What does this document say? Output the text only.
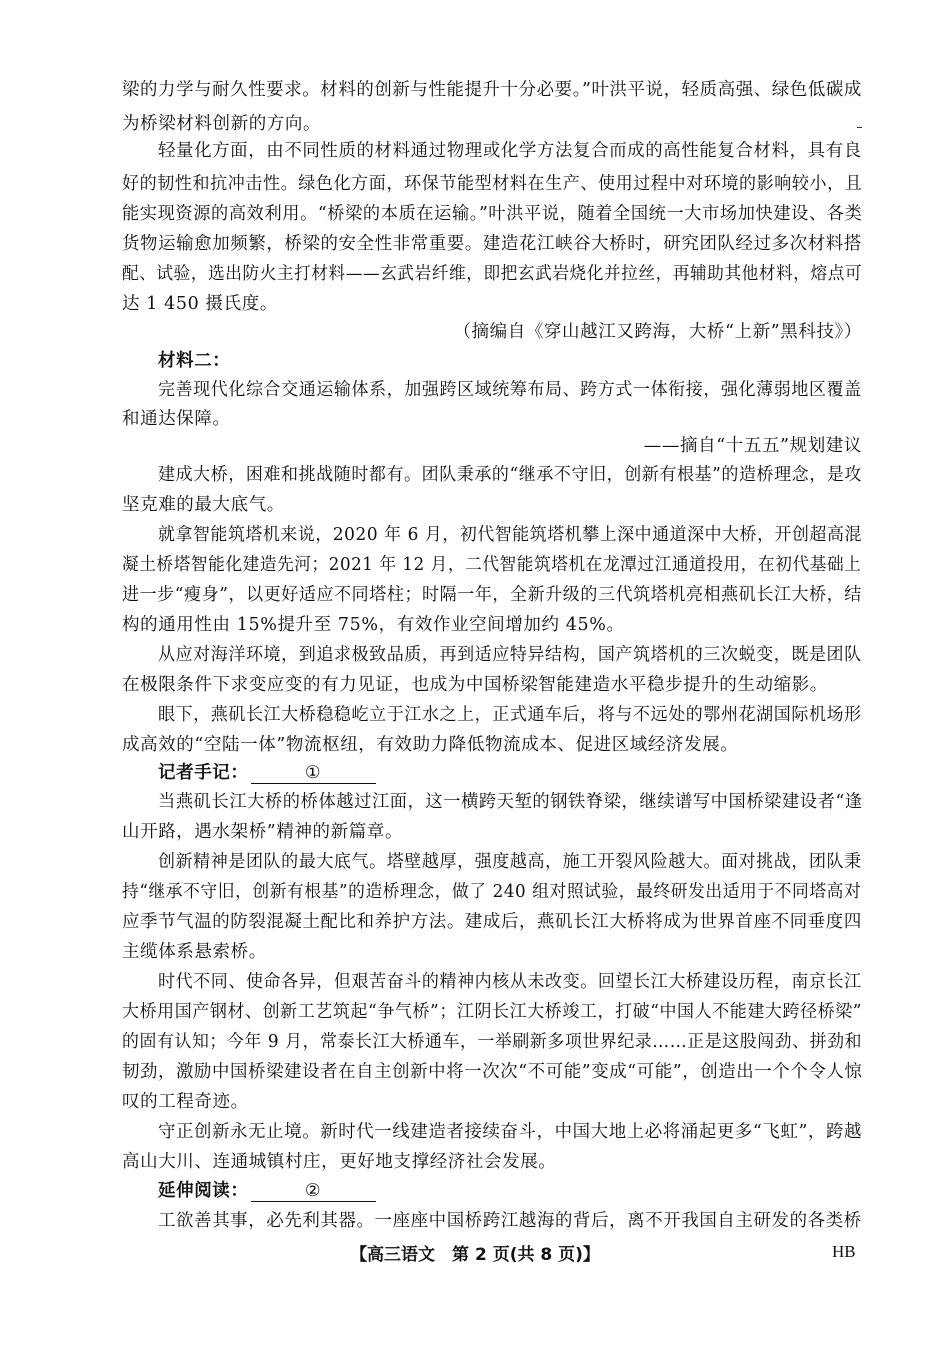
梁的力学与耐久性要求。材料的创新与性能提升十分必要。”叶洪平说，轻质高强、绿色低碳成
为桥梁材料创新的方向。
轻量化方面，由不同性质的材料通过物理或化学方法复合而成的高性能复合材料，具有良
好的韧性和抗冲击性。绿色化方面，环保节能型材料在生产、使用过程中对环境的影响较小，且
能实现资源的高效利用。“桥梁的本质在运输。”叶洪平说，随着全国统一大市场加快建设、各类
货物运输愈加频繁，桥梁的安全性非常重要。建造花江峡谷大桥时，研究团队经过多次材料搭
配、试验，选出防火主打材料——玄武岩纤维，即把玄武岩烧化并拉丝，再辅助其他材料，熔点可
达 1 450 摄氏度。
（摘编自《穿山越江又跨海，大桥“上新”黑科技》）
材料二：
完善现代化综合交通运输体系，加强跨区域统筹布局、跨方式一体衔接，强化薄弱地区覆盖
和通达保障。
——摘自“十五五”规划建议
建成大桥，困难和挑战随时都有。团队秉承的“继承不守旧，创新有根基”的造桥理念，是攻
坚克难的最大底气。
就拿智能筑塔机来说，2020 年 6 月，初代智能筑塔机攀上深中通道深中大桥，开创超高混
凝土桥塔智能化建造先河；2021 年 12 月，二代智能筑塔机在龙潭过江通道投用，在初代基础上
进一步“瘦身”，以更好适应不同塔柱；时隔一年，全新升级的三代筑塔机亮相燕矶长江大桥，结
构的通用性由 15%提升至 75%，有效作业空间增加约 45%。
从应对海洋环境，到追求极致品质，再到适应特异结构，国产筑塔机的三次蜕变，既是团队
在极限条件下求变应变的有力见证，也成为中国桥梁智能建造水平稳步提升的生动缩影。
眼下，燕矶长江大桥稳稳屹立于江水之上，正式通车后，将与不远处的鄂州花湖国际机场形
成高效的“空陆一体”物流枢纽，有效助力降低物流成本、促进区域经济发展。
记者手记：	①
当燕矶长江大桥的桥体越过江面，这一横跨天堑的钢铁脊梁，继续谱写中国桥梁建设者“逢
山开路，遇水架桥”精神的新篇章。
创新精神是团队的最大底气。塔壁越厚，强度越高，施工开裂风险越大。面对挑战，团队秉
持“继承不守旧，创新有根基”的造桥理念，做了 240 组对照试验，最终研发出适用于不同塔高对
应季节气温的防裂混凝土配比和养护方法。建成后，燕矶长江大桥将成为世界首座不同垂度四
主缆体系悬索桥。
时代不同、使命各异，但艰苦奋斗的精神内核从未改变。回望长江大桥建设历程，南京长江
大桥用国产钢材、创新工艺筑起“争气桥”；江阴长江大桥竣工，打破“中国人不能建大跨径桥梁”
的固有认知；今年 9 月，常泰长江大桥通车，一举刷新多项世界纪录……正是这股闯劲、拼劲和
韧劲，激励中国桥梁建设者在自主创新中将一次次“不可能”变成“可能”，创造出一个个令人惊
叹的工程奇迹。
守正创新永无止境。新时代一线建造者接续奋斗，中国大地上必将涌起更多“飞虹”，跨越
高山大川、连通城镇村庄，更好地支撑经济社会发展。
延伸阅读：	②
工欲善其事，必先利其器。一座座中国桥跨江越海的背后，离不开我国自主研发的各类桥
【高三语文　第 2 页(共 8 页)】	HB
